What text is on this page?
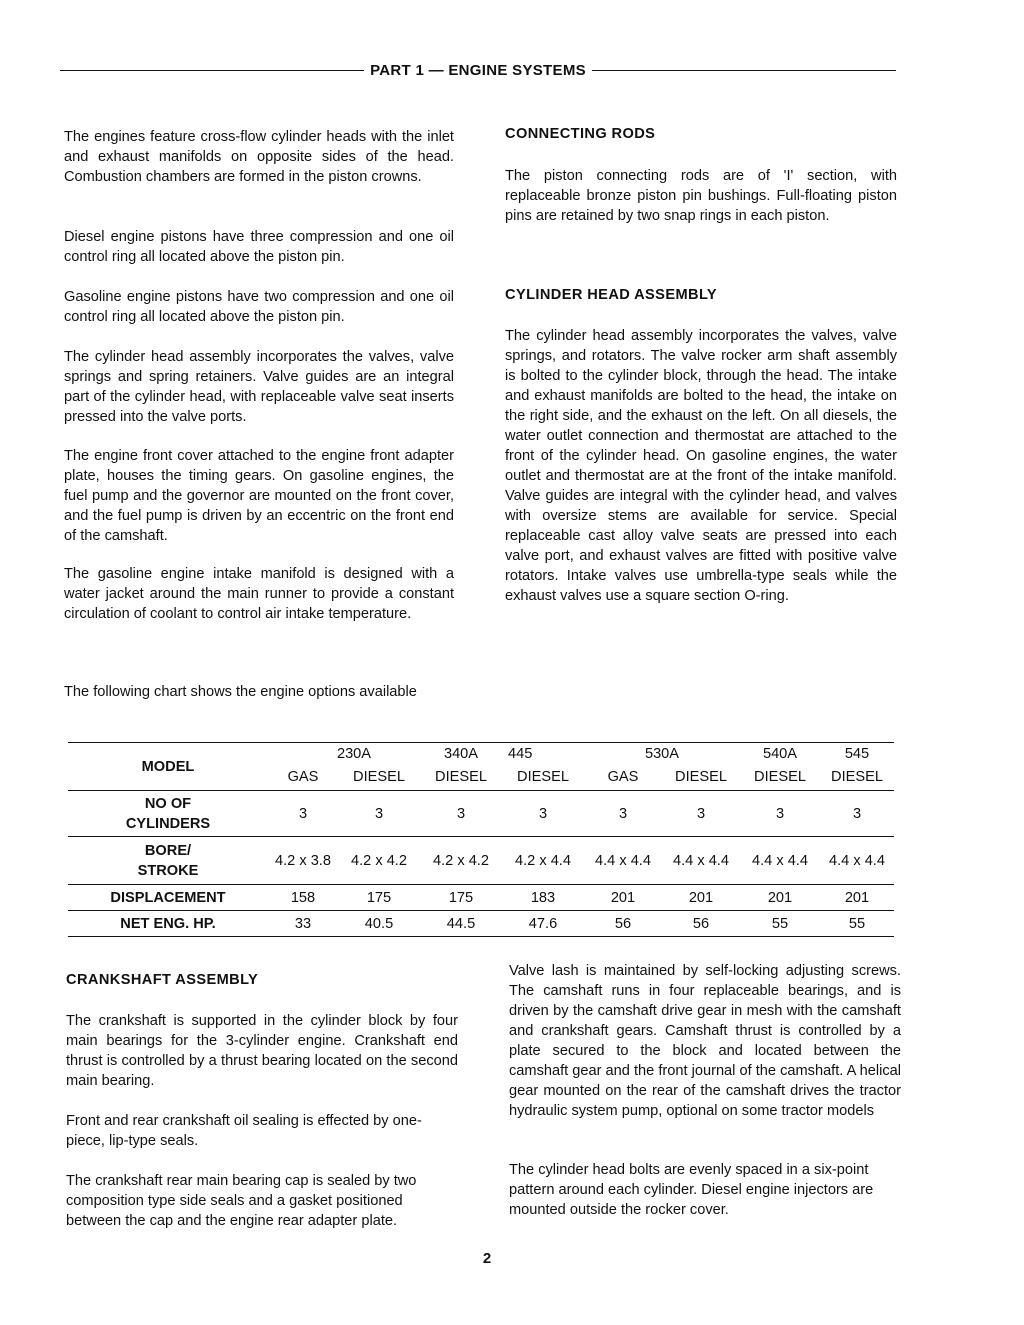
PART 1 — ENGINE SYSTEMS

The engines feature cross-flow cylinder heads with the inlet and exhaust manifolds on opposite sides of the head. Combustion chambers are formed in the piston crowns.

Diesel engine pistons have three compression and one oil control ring all located above the piston pin.

Gasoline engine pistons have two compression and one oil control ring all located above the piston pin.

The cylinder head assembly incorporates the valves, valve springs and spring retainers. Valve guides are an integral part of the cylinder head, with replaceable valve seat inserts pressed into the valve ports.

The engine front cover attached to the engine front adapter plate, houses the timing gears. On gasoline engines, the fuel pump and the governor are mounted on the front cover, and the fuel pump is driven by an eccentric on the front end of the camshaft.

The gasoline engine intake manifold is designed with a water jacket around the main runner to provide a constant circulation of coolant to control air intake temperature.

CONNECTING RODS

The piston connecting rods are of 'I' section, with replaceable bronze piston pin bushings. Full-floating piston pins are retained by two snap rings in each piston.

CYLINDER HEAD ASSEMBLY

The cylinder head assembly incorporates the valves, valve springs, and rotators. The valve rocker arm shaft assembly is bolted to the cylinder block, through the head. The intake and exhaust manifolds are bolted to the head, the intake on the right side, and the exhaust on the left. On all diesels, the water outlet connection and thermostat are attached to the front of the cylinder head. On gasoline engines, the water outlet and thermostat are at the front of the intake manifold. Valve guides are integral with the cylinder head, and valves with oversize stems are available for service. Special replaceable cast alloy valve seats are pressed into each valve port, and exhaust valves are fitted with positive valve rotators. Intake valves use umbrella-type seals while the exhaust valves use a square section O-ring.

The following chart shows the engine options available

MODEL	230A		340A	445	530A		540A	545
	GAS	DIESEL	DIESEL	DIESEL	GAS	DIESEL	DIESEL	DIESEL

NO OF
CYLINDERS	3	3	3	3	3	3	3	3

BORE/
STROKE	4.2 x 3.8	4.2 x 4.2	4.2 x 4.2	4.2 x 4.4	4.4 x 4.4	4.4 x 4.4	4.4 x 4.4	4.4 x 4.4
DISPLACEMENT	158	175	175	183	201	201	201	201
NET ENG. HP.	33	40.5	44.5	47.6	56	56	55	55
CRANKSHAFT ASSEMBLY

The crankshaft is supported in the cylinder block by four main bearings for the 3-cylinder engine. Crankshaft end thrust is controlled by a thrust bearing located on the second main bearing.

Front and rear crankshaft oil sealing is effected by one-piece, lip-type seals.

The crankshaft rear main bearing cap is sealed by two composition type side seals and a gasket positioned between the cap and the engine rear adapter plate.

Valve lash is maintained by self-locking adjusting screws. The camshaft runs in four replaceable bearings, and is driven by the camshaft drive gear in mesh with the camshaft and crankshaft gears. Camshaft thrust is controlled by a plate secured to the block and located between the camshaft gear and the front journal of the camshaft. A helical gear mounted on the rear of the camshaft drives the tractor hydraulic system pump, optional on some tractor models

The cylinder head bolts are evenly spaced in a six-point pattern around each cylinder. Diesel engine injectors are mounted outside the rocker cover.

2
